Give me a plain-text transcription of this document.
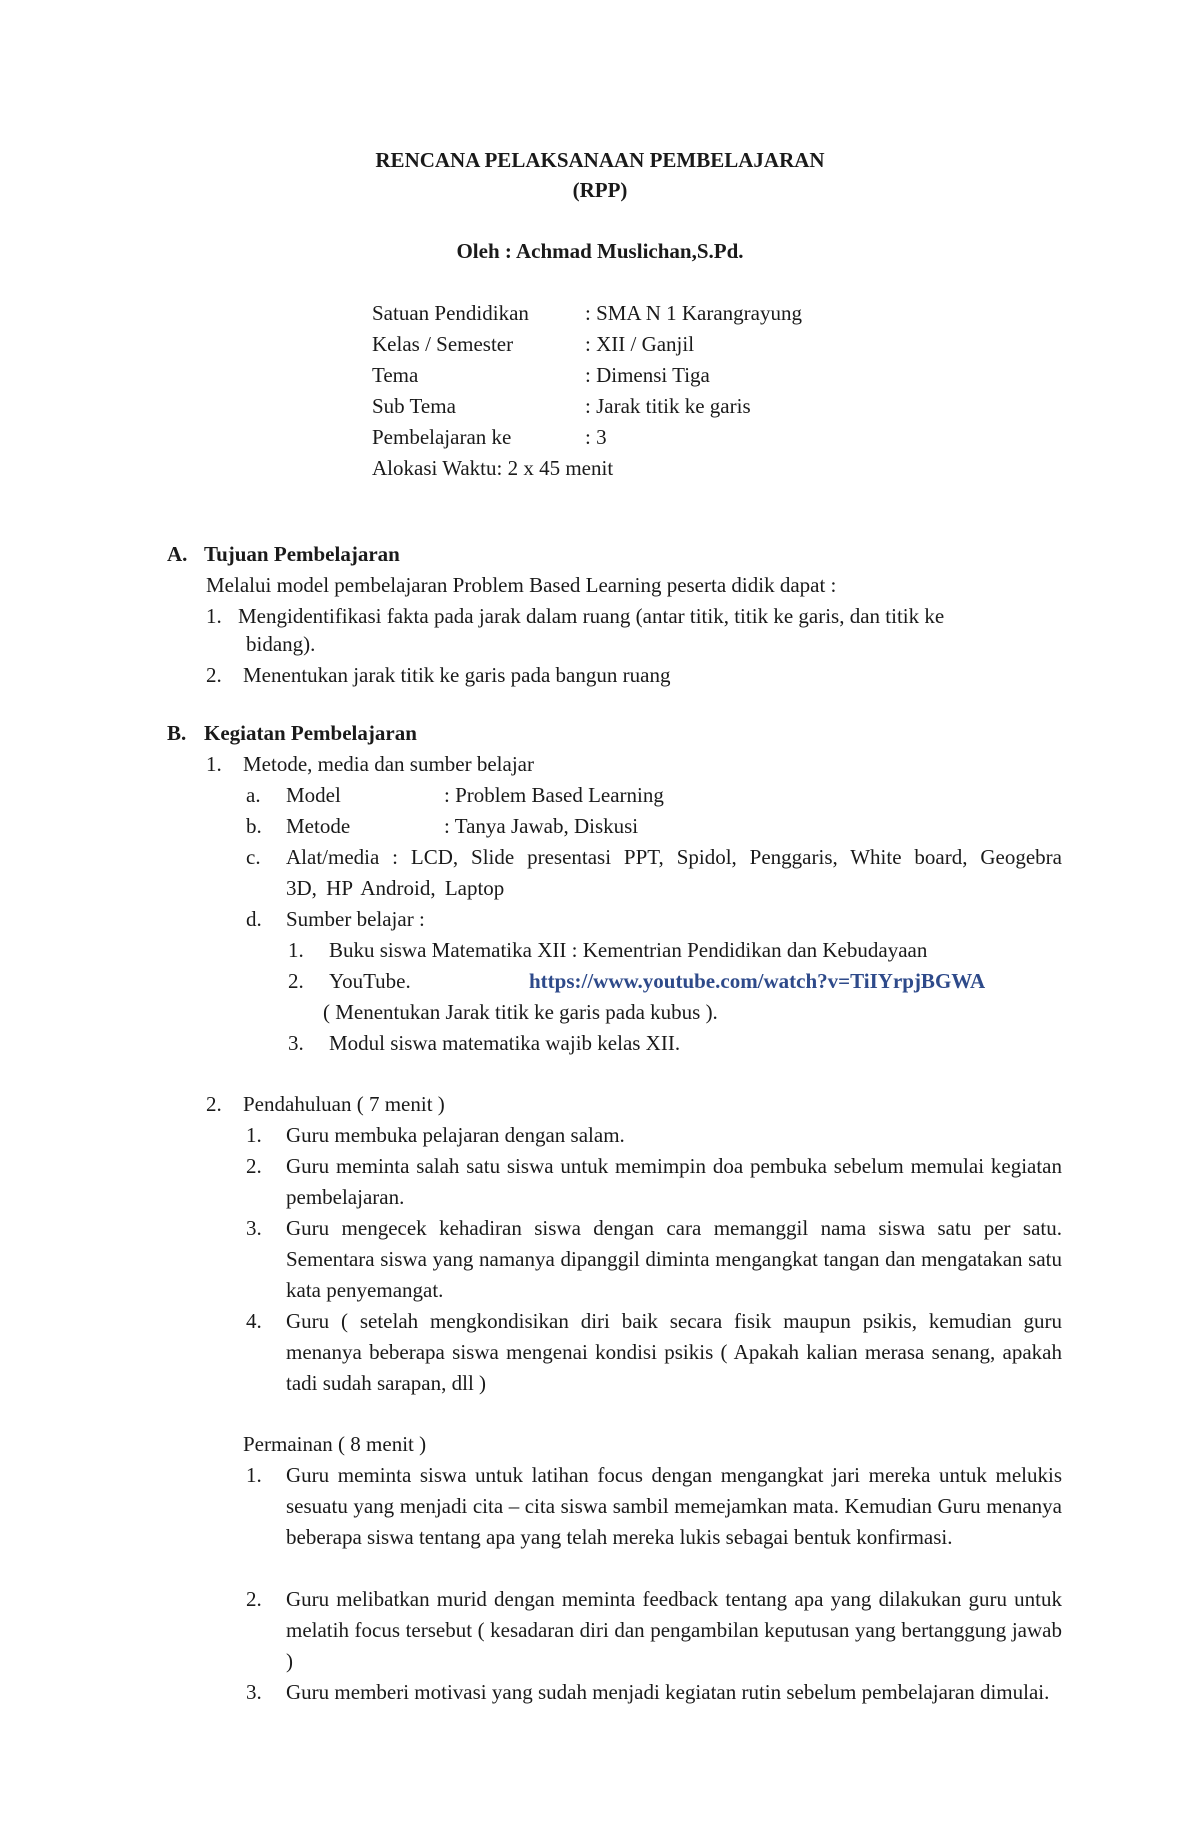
RENCANA PELAKSANAAN PEMBELAJARAN
(RPP)
Oleh : Achmad Muslichan,S.Pd.
Satuan Pendidikan	: SMA N 1 Karangrayung
Kelas / Semester	: XII / Ganjil
Tema	: Dimensi Tiga
Sub Tema	: Jarak titik ke garis
Pembelajaran ke	: 3
Alokasi Waktu: 2 x 45 menit
A. Tujuan Pembelajaran
Melalui model pembelajaran Problem Based Learning peserta didik dapat :
1. Mengidentifikasi fakta pada jarak dalam ruang (antar titik, titik ke garis, dan titik ke
bidang).
2. Menentukan jarak titik ke garis pada bangun ruang
B. Kegiatan Pembelajaran
1. Metode, media dan sumber belajar
a. Model	: Problem Based Learning
b. Metode	: Tanya Jawab, Diskusi
c. Alat/media : LCD, Slide presentasi PPT, Spidol, Penggaris, White board, Geogebra 3D, HP Android, Laptop
d. Sumber belajar :
1. Buku siswa Matematika XII : Kementrian Pendidikan dan Kebudayaan
2. YouTube.	https://www.youtube.com/watch?v=TiIYrpjBGWA
( Menentukan Jarak titik ke garis pada kubus ).
3. Modul siswa matematika wajib kelas XII.
2. Pendahuluan ( 7 menit )
1. Guru membuka pelajaran dengan salam.
2. Guru meminta salah satu siswa untuk memimpin doa pembuka sebelum memulai kegiatan pembelajaran.
3. Guru mengecek kehadiran siswa dengan cara memanggil nama siswa satu per satu. Sementara siswa yang namanya dipanggil diminta mengangkat tangan dan mengatakan satu kata penyemangat.
4. Guru ( setelah mengkondisikan diri baik secara fisik maupun psikis, kemudian guru menanya beberapa siswa mengenai kondisi psikis ( Apakah kalian merasa senang, apakah tadi sudah sarapan, dll )
Permainan ( 8 menit )
1. Guru meminta siswa untuk latihan focus dengan mengangkat jari mereka untuk melukis sesuatu yang menjadi cita – cita siswa sambil memejamkan mata. Kemudian Guru menanya beberapa siswa tentang apa yang telah mereka lukis sebagai bentuk konfirmasi.
2. Guru melibatkan murid dengan meminta feedback tentang apa yang dilakukan guru untuk melatih focus tersebut ( kesadaran diri dan pengambilan keputusan yang bertanggung jawab )
3. Guru memberi motivasi yang sudah menjadi kegiatan rutin sebelum pembelajaran dimulai.
